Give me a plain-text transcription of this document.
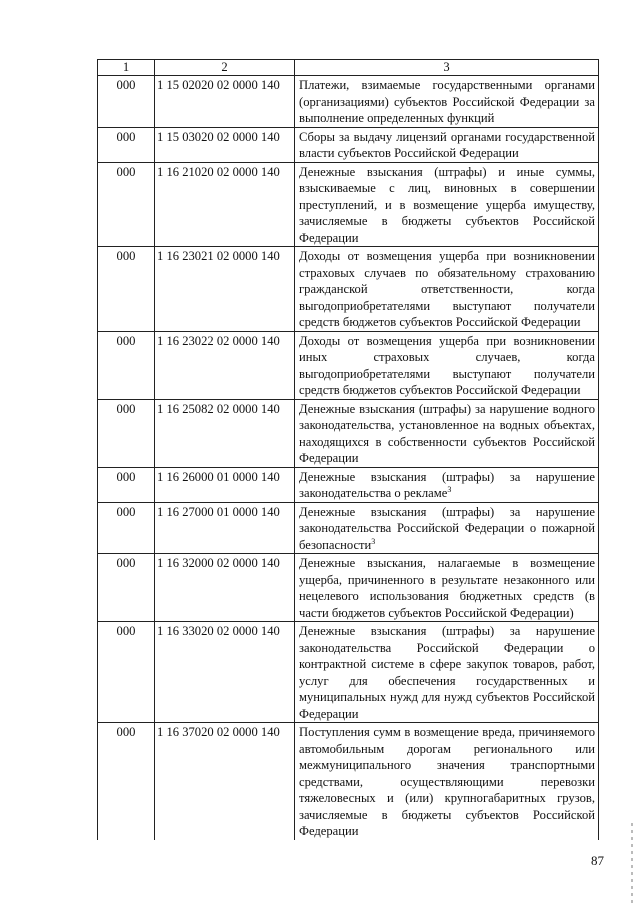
1	2	3
000	1 15 02020 02 0000 140	Платежи, взимаемые государственными органами (организациями) субъектов Российской Федерации за выполнение определенных функций
000	1 15 03020 02 0000 140	Сборы за выдачу лицензий органами государственной власти субъектов Российской Федерации
000	1 16 21020 02 0000 140	Денежные взыскания (штрафы) и иные суммы, взыскиваемые с лиц, виновных в совершении преступлений, и в возмещение ущерба имуществу, зачисляемые в бюджеты субъектов Российской Федерации
000	1 16 23021 02 0000 140	Доходы от возмещения ущерба при возникновении страховых случаев по обязательному страхованию гражданской ответственности, когда выгодоприобретателями выступают получатели средств бюджетов субъектов Российской Федерации
000	1 16 23022 02 0000 140	Доходы от возмещения ущерба при возникновении иных страховых случаев, когда выгодоприобретателями выступают получатели средств бюджетов субъектов Российской Федерации
000	1 16 25082 02 0000 140	Денежные взыскания (штрафы) за нарушение водного законодательства, установленное на водных объектах, находящихся в собственности субъектов Российской Федерации
000	1 16 26000 01 0000 140	Денежные взыскания (штрафы) за нарушение законодательства о рекламе$^3$
000	1 16 27000 01 0000 140	Денежные взыскания (штрафы) за нарушение законодательства Российской Федерации о пожарной безопасности$^3$
000	1 16 32000 02 0000 140	Денежные взыскания, налагаемые в возмещение ущерба, причиненного в результате незаконного или нецелевого использования бюджетных средств (в части бюджетов субъектов Российской Федерации)
000	1 16 33020 02 0000 140	Денежные взыскания (штрафы) за нарушение законодательства Российской Федерации о контрактной системе в сфере закупок товаров, работ, услуг для обеспечения государственных и муниципальных нужд для нужд субъектов Российской Федерации
000	1 16 37020 02 0000 140	Поступления сумм в возмещение вреда, причиняемого автомобильным дорогам регионального или межмуниципального значения транспортными средствами, осуществляющими перевозки тяжеловесных и (или) крупногабаритных грузов, зачисляемые в бюджеты субъектов Российской Федерации
87
